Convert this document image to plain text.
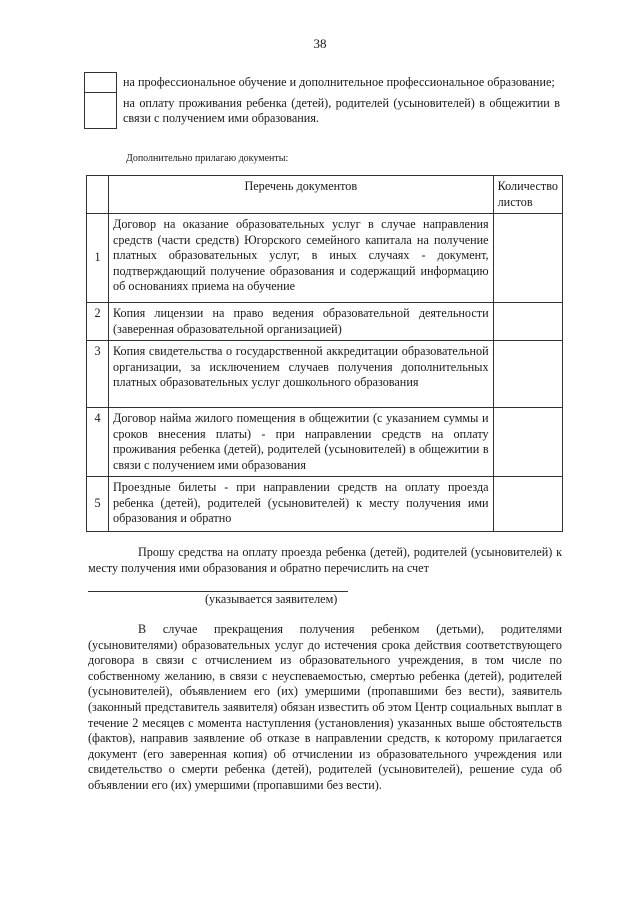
38
на профессиональное обучение и дополнительное профессиональное образование;
на оплату проживания ребенка (детей), родителей (усыновителей) в общежитии в связи с получением ими образования.
Дополнительно прилагаю документы:
	Перечень документов	Количество листов
1	Договор на оказание образовательных услуг в случае направления средств (части средств) Югорского семейного капитала на получение платных образовательных услуг, в иных случаях - документ, подтверждающий получение образования и содержащий информацию об основаниях приема на обучение	
2	Копия лицензии на право ведения образовательной деятельности (заверенная образовательной организацией)	
3	Копия свидетельства о государственной аккредитации образовательной организации, за исключением случаев получения дополнительных платных образовательных услуг дошкольного образования	
4	Договор найма жилого помещения в общежитии (с указанием суммы и сроков внесения платы) - при направлении средств на оплату проживания ребенка (детей), родителей (усыновителей) в общежитии в связи с получением ими образования	
5	Проездные билеты - при направлении средств на оплату проезда ребенка (детей), родителей (усыновителей) к месту получения ими образования и обратно	
Прошу средства на оплату проезда ребенка (детей), родителей (усыновителей) к месту получения ими образования и обратно перечислить на счет
(указывается заявителем)
В случае прекращения получения ребенком (детьми), родителями (усыновителями) образовательных услуг до истечения срока действия соответствующего договора в связи с отчислением из образовательного учреждения, в том числе по собственному желанию, в связи с неуспеваемостью, смертью ребенка (детей), родителей (усыновителей), объявлением его (их) умершими (пропавшими без вести), заявитель (законный представитель заявителя) обязан известить об этом Центр социальных выплат в течение 2 месяцев с момента наступления (установления) указанных выше обстоятельств (фактов), направив заявление об отказе в направлении средств, к которому прилагается документ (его заверенная копия) об отчислении из образовательного учреждения или свидетельство о смерти ребенка (детей), родителей (усыновителей), решение суда об объявлении его (их) умершими (пропавшими без вести).
